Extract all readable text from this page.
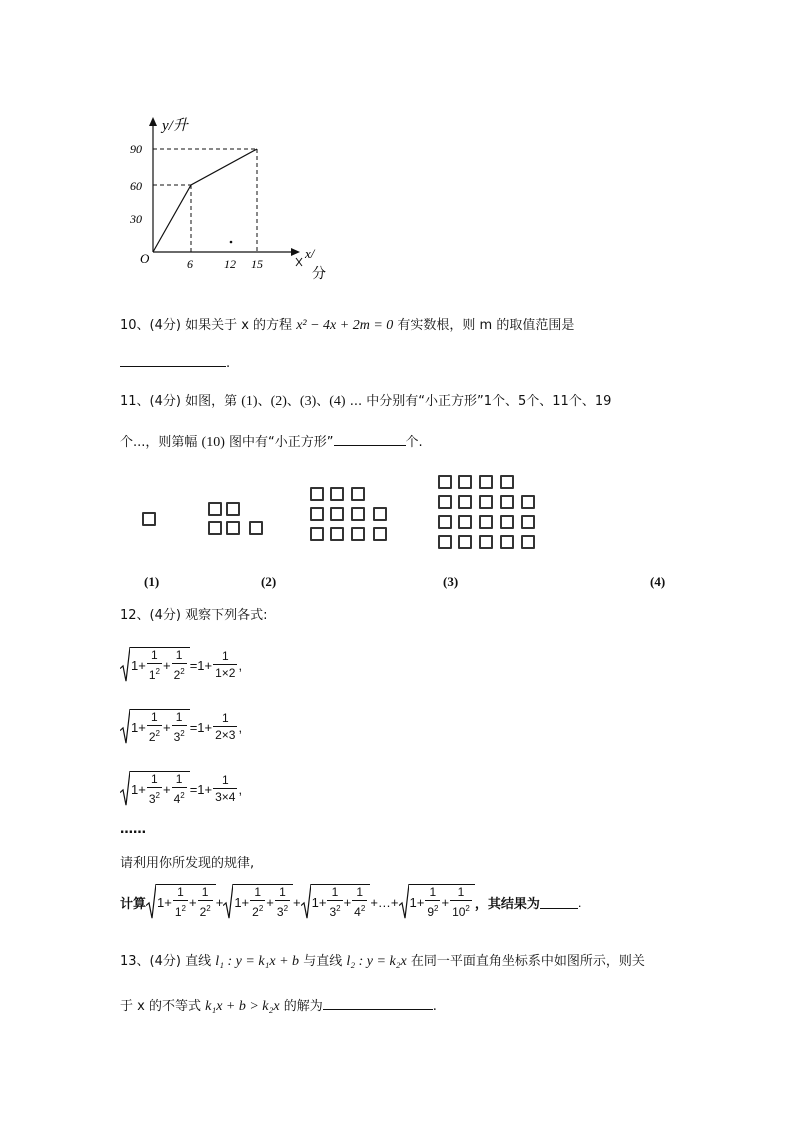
y/升
90
60
30
O	6	12 15
x/
分
10、(4分) 如果关于 x 的方程 x² − 4x + 2m = 0 有实数根，则 m 的取值范围是
.
11、(4分) 如图，第 (1)、(2)、(3)、(4) ... 中分别有“小正方形”1个、5个、11个、19
个...，则第幅 (10) 图中有“小正方形”	个.
(1)	(2)	(3)	(4)
12、(4分) 观察下列各式:
$1 + \frac{1}{1^2} + \frac{1}{2^2} =1+ \frac{1}{1\times 2}$ ,
$1 + \frac{1}{2^2} + \frac{1}{3^2} =1+ \frac{1}{2\times 3}$ ,
$1 + \frac{1}{3^2} + \frac{1}{4^2} =1+ \frac{1}{3\times 4}$ ,
……
请利用你所发现的规律,
计算 $1 + \frac{1}{1^2} + \frac{1}{2^2} + 1 + \frac{1}{2^2} + \frac{1}{3^2} + 1 + \frac{1}{3^2} + \frac{1}{4^2}$ +…+ $1 + \frac{1}{9^2} + \frac{1}{10^2}$ ，其结果为	.
13、(4分) 直线 l₁ : y = k₁x + b 与直线 l₂ : y = k₂x 在同一平面直角坐标系中如图所示，则关
于 x 的不等式 k₁x + b > k₂x 的解为	.
